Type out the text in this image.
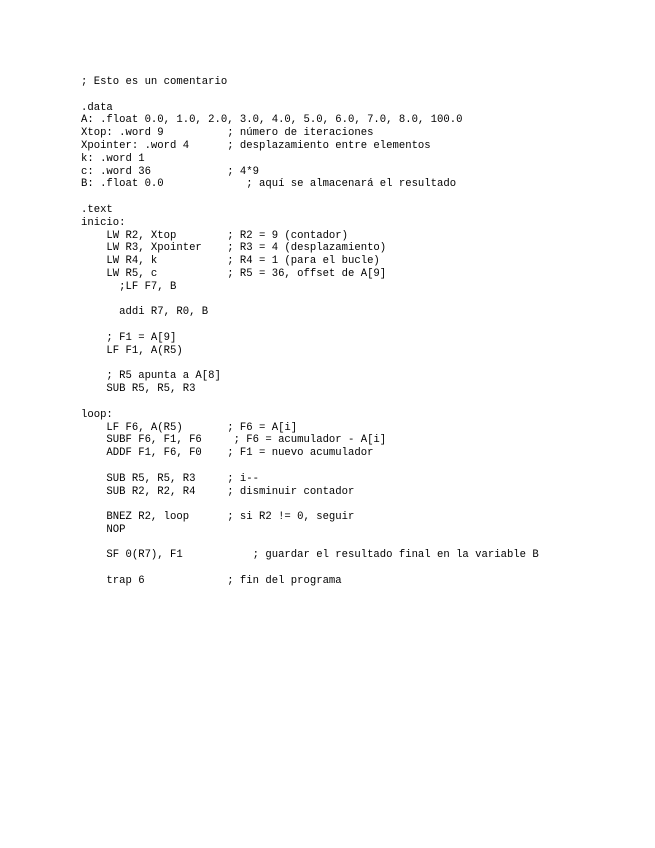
; Esto es un comentario
.data
A: .float 0.0, 1.0, 2.0, 3.0, 4.0, 5.0, 6.0, 7.0, 8.0, 100.0
Xtop: .word 9          ; número de iteraciones
Xpointer: .word 4      ; desplazamiento entre elementos
k: .word 1
c: .word 36            ; 4*9
B: .float 0.0             ; aquí se almacenará el resultado
.text
inicio:
LW R2, Xtop        ; R2 = 9 (contador)
LW R3, Xpointer    ; R3 = 4 (desplazamiento)
LW R4, k           ; R4 = 1 (para el bucle)
LW R5, c           ; R5 = 36, offset de A[9]
;LF F7, B
addi R7, R0, B
; F1 = A[9]
LF F1, A(R5)
; R5 apunta a A[8]
SUB R5, R5, R3
loop:
LF F6, A(R5)       ; F6 = A[i]
SUBF F6, F1, F6     ; F6 = acumulador - A[i]
ADDF F1, F6, F0    ; F1 = nuevo acumulador
SUB R5, R5, R3     ; i--
SUB R2, R2, R4     ; disminuir contador
BNEZ R2, loop      ; si R2 != 0, seguir
NOP
SF 0(R7), F1           ; guardar el resultado final en la variable B
trap 6             ; fin del programa
